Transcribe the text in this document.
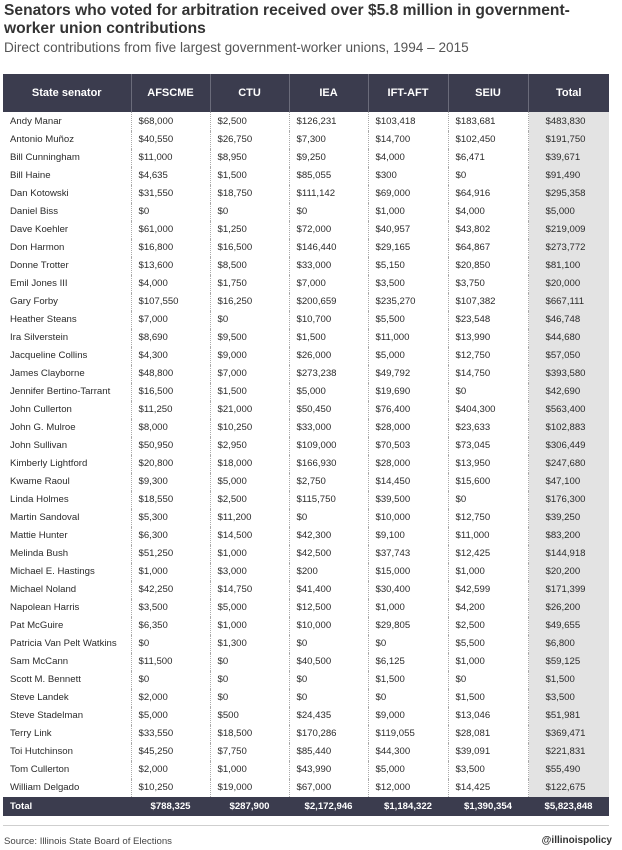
Senators who voted for arbitration received over $5.8 million in government-worker union contributions
Direct contributions from five largest government-worker unions, 1994 – 2015
State senator	AFSCME	CTU	IEA	IFT-AFT	SEIU	Total
Andy Manar	$68,000	$2,500	$126,231	$103,418	$183,681	$483,830
Antonio Muñoz	$40,550	$26,750	$7,300	$14,700	$102,450	$191,750
Bill Cunningham	$11,000	$8,950	$9,250	$4,000	$6,471	$39,671
Bill Haine	$4,635	$1,500	$85,055	$300	$0	$91,490
Dan Kotowski	$31,550	$18,750	$111,142	$69,000	$64,916	$295,358
Daniel Biss	$0	$0	$0	$1,000	$4,000	$5,000
Dave Koehler	$61,000	$1,250	$72,000	$40,957	$43,802	$219,009
Don Harmon	$16,800	$16,500	$146,440	$29,165	$64,867	$273,772
Donne Trotter	$13,600	$8,500	$33,000	$5,150	$20,850	$81,100
Emil Jones III	$4,000	$1,750	$7,000	$3,500	$3,750	$20,000
Gary Forby	$107,550	$16,250	$200,659	$235,270	$107,382	$667,111
Heather Steans	$7,000	$0	$10,700	$5,500	$23,548	$46,748
Ira Silverstein	$8,690	$9,500	$1,500	$11,000	$13,990	$44,680
Jacqueline Collins	$4,300	$9,000	$26,000	$5,000	$12,750	$57,050
James Clayborne	$48,800	$7,000	$273,238	$49,792	$14,750	$393,580
Jennifer Bertino-Tarrant	$16,500	$1,500	$5,000	$19,690	$0	$42,690
John Cullerton	$11,250	$21,000	$50,450	$76,400	$404,300	$563,400
John G. Mulroe	$8,000	$10,250	$33,000	$28,000	$23,633	$102,883
John Sullivan	$50,950	$2,950	$109,000	$70,503	$73,045	$306,449
Kimberly Lightford	$20,800	$18,000	$166,930	$28,000	$13,950	$247,680
Kwame Raoul	$9,300	$5,000	$2,750	$14,450	$15,600	$47,100
Linda Holmes	$18,550	$2,500	$115,750	$39,500	$0	$176,300
Martin Sandoval	$5,300	$11,200	$0	$10,000	$12,750	$39,250
Mattie Hunter	$6,300	$14,500	$42,300	$9,100	$11,000	$83,200
Melinda Bush	$51,250	$1,000	$42,500	$37,743	$12,425	$144,918
Michael E. Hastings	$1,000	$3,000	$200	$15,000	$1,000	$20,200
Michael Noland	$42,250	$14,750	$41,400	$30,400	$42,599	$171,399
Napolean Harris	$3,500	$5,000	$12,500	$1,000	$4,200	$26,200
Pat McGuire	$6,350	$1,000	$10,000	$29,805	$2,500	$49,655
Patricia Van Pelt Watkins	$0	$1,300	$0	$0	$5,500	$6,800
Sam McCann	$11,500	$0	$40,500	$6,125	$1,000	$59,125
Scott M. Bennett	$0	$0	$0	$1,500	$0	$1,500
Steve Landek	$2,000	$0	$0	$0	$1,500	$3,500
Steve Stadelman	$5,000	$500	$24,435	$9,000	$13,046	$51,981
Terry Link	$33,550	$18,500	$170,286	$119,055	$28,081	$369,471
Toi Hutchinson	$45,250	$7,750	$85,440	$44,300	$39,091	$221,831
Tom Cullerton	$2,000	$1,000	$43,990	$5,000	$3,500	$55,490
William Delgado	$10,250	$19,000	$67,000	$12,000	$14,425	$122,675
Total	$788,325	$287,900	$2,172,946	$1,184,322	$1,390,354	$5,823,848
Source: Illinois State Board of Elections	@illinoispolicy
